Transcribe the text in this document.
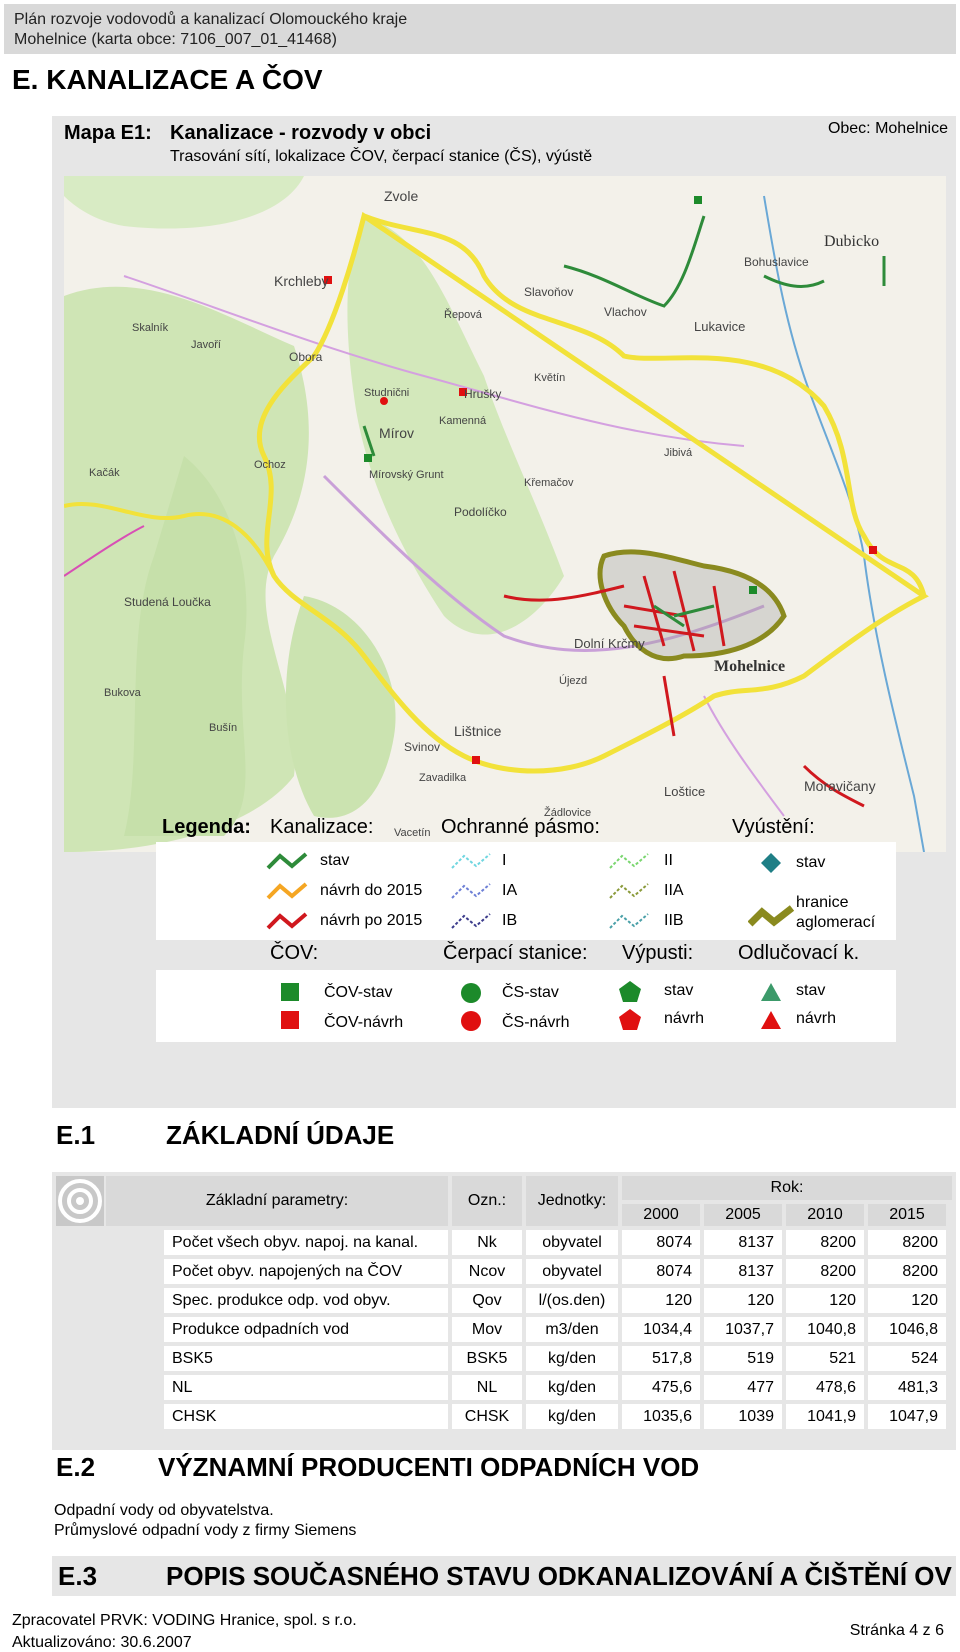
Plán rozvoje vodovodů a kanalizací Olomouckého kraje
Mohelnice (karta obce: 7106_007_01_41468)
E. KANALIZACE A ČOV
Mapa E1: Kanalizace - rozvody v obci
Trasování sítí, lokalizace ČOV, čerpací stanice (ČS), výústě
Obec: Mohelnice
Zvole
Dubicko
Bohuslavice
Krchleby
Slavoňov
Vlachov
Lukavice
Řepová
Hrušky
Mírov
Mírovský Grunt
Studnični
Kamenná
Květín
Jibivá
Podolíčko
Křemačov
Studená Loučka
Mohelnice
Dolní Krčmy
Újezd
Lištnice
Svinov
Moravičany
Loštice
Žádlovice
Bušín
Bukova
Kačák
Skalník
Javoří
Obora
Ochoz
Vacetín
Zavadilka
Legenda: Kanalizace:	Ochranné pásmo:	Vyústění:
stav
návrh do 2015
návrh po 2015
I
IA
IB
II
IIA
IIB
stav
hranice
aglomerací
ČOV:	Čerpací stanice: Výpusti: Odlučovací k.
ČOV-stav
ČOV-návrh
ČS-stav
ČS-návrh
stav
návrh
stav
návrh
E.1	ZÁKLADNÍ ÚDAJE
Základní parametry:	Ozn.:	Jednotky:
Rok:
2000	2005	2010	2015
Počet všech obyv. napoj. na kanal.	Nk	obyvatel	8074	8137	8200	8200
Počet obyv. napojených na ČOV	Ncov	obyvatel	8074	8137	8200	8200
Spec. produkce odp. vod obyv.	Qov	l/(os.den)	120	120	120	120
Produkce odpadních vod	Mov	m3/den	1034,4	1037,7	1040,8	1046,8
BSK5	BSK5	kg/den	517,8	519	521	524
NL	NL	kg/den	475,6	477	478,6	481,3
CHSK	CHSK	kg/den	1035,6	1039	1041,9	1047,9
E.2 VÝZNAMNÍ PRODUCENTI ODPADNÍCH VOD
Odpadní vody od obyvatelstva.
Průmyslové odpadní vody z firmy Siemens
E.3	POPIS SOUČASNÉHO STAVU ODKANALIZOVÁNÍ A ČIŠTĚNÍ OV
Zpracovatel PRVK: VODING Hranice, spol. s r.o.
Aktualizováno: 30.6.2007
Stránka 4 z 6
